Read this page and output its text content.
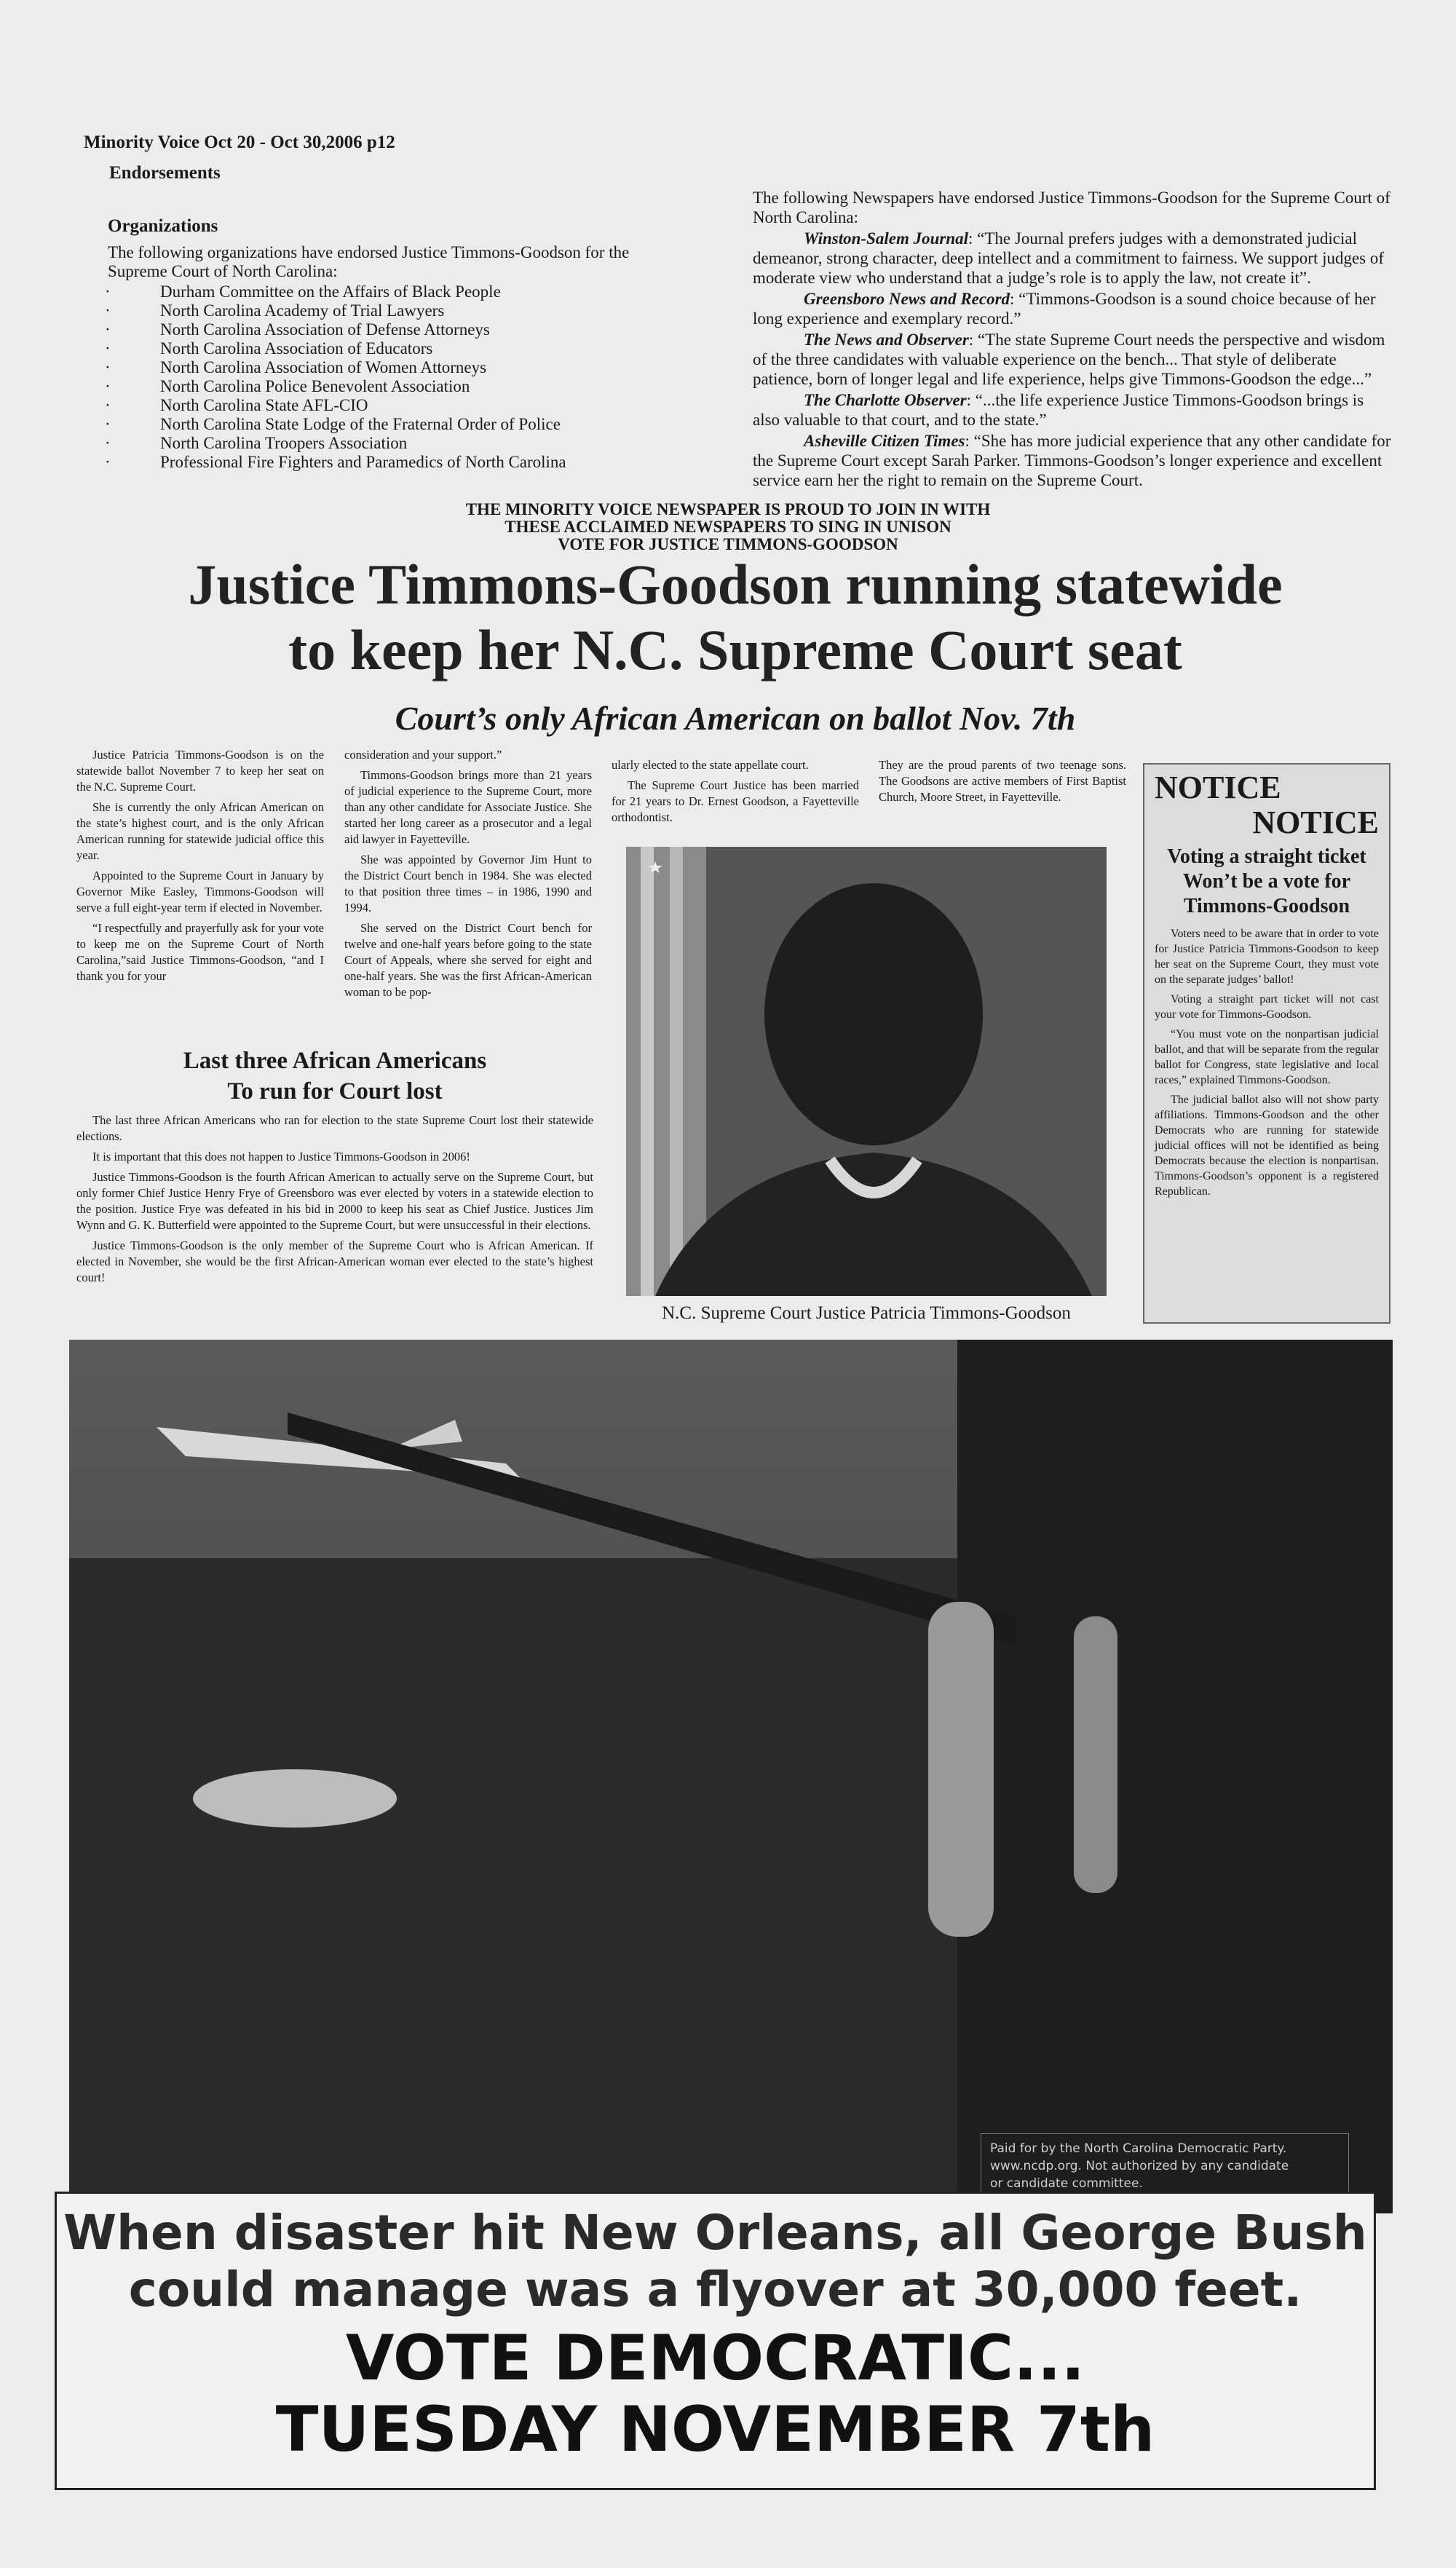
Minority Voice Oct 20 - Oct 30,2006 p12
Endorsements
Organizations
The following organizations have endorsed Justice Timmons-Goodson for the Supreme Court of North Carolina:
·	Durham Committee on the Affairs of Black People
·	North Carolina Academy of Trial Lawyers
·	North Carolina Association of Defense Attorneys
·	North Carolina Association of Educators
·	North Carolina Association of Women Attorneys
·	North Carolina Police Benevolent Association
·	North Carolina State AFL-CIO
·	North Carolina State Lodge of the Fraternal Order of Police
·	North Carolina Troopers Association
·	Professional Fire Fighters and Paramedics of North Carolina

The following Newspapers have endorsed Justice Timmons-Goodson for the Supreme Court of North Carolina:

Winston-Salem Journal: “The Journal prefers judges with a demonstrated judicial demeanor, strong character, deep intellect and a commitment to fairness. We support judges of moderate view who understand that a judge’s role is to apply the law, not create it”.

Greensboro News and Record: “Timmons-Goodson is a sound choice because of her long experience and exemplary record.”

The News and Observer: “The state Supreme Court needs the perspective and wisdom of the three candidates with valuable experience on the bench... That style of deliberate patience, born of longer legal and life experience, helps give Timmons-Goodson the edge...”

The Charlotte Observer: “...the life experience Justice Timmons-Goodson brings is also valuable to that court, and to the state.”

Asheville Citizen Times: “She has more judicial experience that any other candidate for the Supreme Court except Sarah Parker. Timmons-Goodson’s longer experience and excellent service earn her the right to remain on the Supreme Court.

THE MINORITY VOICE NEWSPAPER IS PROUD TO JOIN IN WITH
THESE ACCLAIMED NEWSPAPERS TO SING IN UNISON
VOTE FOR JUSTICE TIMMONS-GOODSON
Justice Timmons-Goodson running statewide
to keep her N.C. Supreme Court seat
Court’s only African American on ballot Nov. 7th

Justice Patricia Timmons-Goodson is on the statewide ballot November 7 to keep her seat on the N.C. Supreme Court.

She is currently the only African American on the state’s highest court, and is the only African American running for statewide judicial office this year.

Appointed to the Supreme Court in January by Governor Mike Easley, Timmons-Goodson will serve a full eight-year term if elected in November.

“I respectfully and prayerfully ask for your vote to keep me on the Supreme Court of North Carolina,”said Justice Timmons-Goodson, “and I thank you for your

consideration and your support.”

Timmons-Goodson brings more than 21 years of judicial experience to the Supreme Court, more than any other candidate for Associate Justice. She started her long career as a prosecutor and a legal aid lawyer in Fayetteville.

She was appointed by Governor Jim Hunt to the District Court bench in 1984. She was elected to that position three times – in 1986, 1990 and 1994.

She served on the District Court bench for twelve and one-half years before going to the state Court of Appeals, where she served for eight and one-half years. She was the first African-American woman to be pop-

ularly elected to the state appellate court.

The Supreme Court Justice has been married for 21 years to Dr. Ernest Goodson, a Fayetteville orthodontist.

They are the proud parents of two teenage sons. The Goodsons are active members of First Baptist Church, Moore Street, in Fayetteville.

Last three African Americans
To run for Court lost

The last three African Americans who ran for election to the state Supreme Court lost their statewide elections.

It is important that this does not happen to Justice Timmons-Goodson in 2006!

Justice Timmons-Goodson is the fourth African American to actually serve on the Supreme Court, but only former Chief Justice Henry Frye of Greensboro was ever elected by voters in a statewide election to the position. Justice Frye was defeated in his bid in 2000 to keep his seat as Chief Justice. Justices Jim Wynn and G. K. Butterfield were appointed to the Supreme Court, but were unsuccessful in their elections.

Justice Timmons-Goodson is the only member of the Supreme Court who is African American. If elected in November, she would be the first African-American woman ever elected to the state’s highest court!

N.C. Supreme Court Justice Patricia Timmons-Goodson
NOTICE
NOTICE
Voting a straight ticket Won’t be a vote for Timmons-Goodson

Voters need to be aware that in order to vote for Justice Patricia Timmons-Goodson to keep her seat on the Supreme Court, they must vote on the separate judges’ ballot!

Voting a straight part ticket will not cast your vote for Timmons-Goodson.

“You must vote on the nonpartisan judicial ballot, and that will be separate from the regular ballot for Congress, state legislative and local races,” explained Timmons-Goodson.

The judicial ballot also will not show party affiliations. Timmons-Goodson and the other Democrats who are running for statewide judicial offices will not be identified as being Democrats because the election is nonpartisan. Timmons-Goodson’s opponent is a registered Republican.

Paid for by the North Carolina Democratic Party.
www.ncdp.org. Not authorized by any candidate
or candidate committee.
When disaster hit New Orleans, all George Bush
could manage was a flyover at 30,000 feet.
VOTE DEMOCRATIC...
TUESDAY NOVEMBER 7th
